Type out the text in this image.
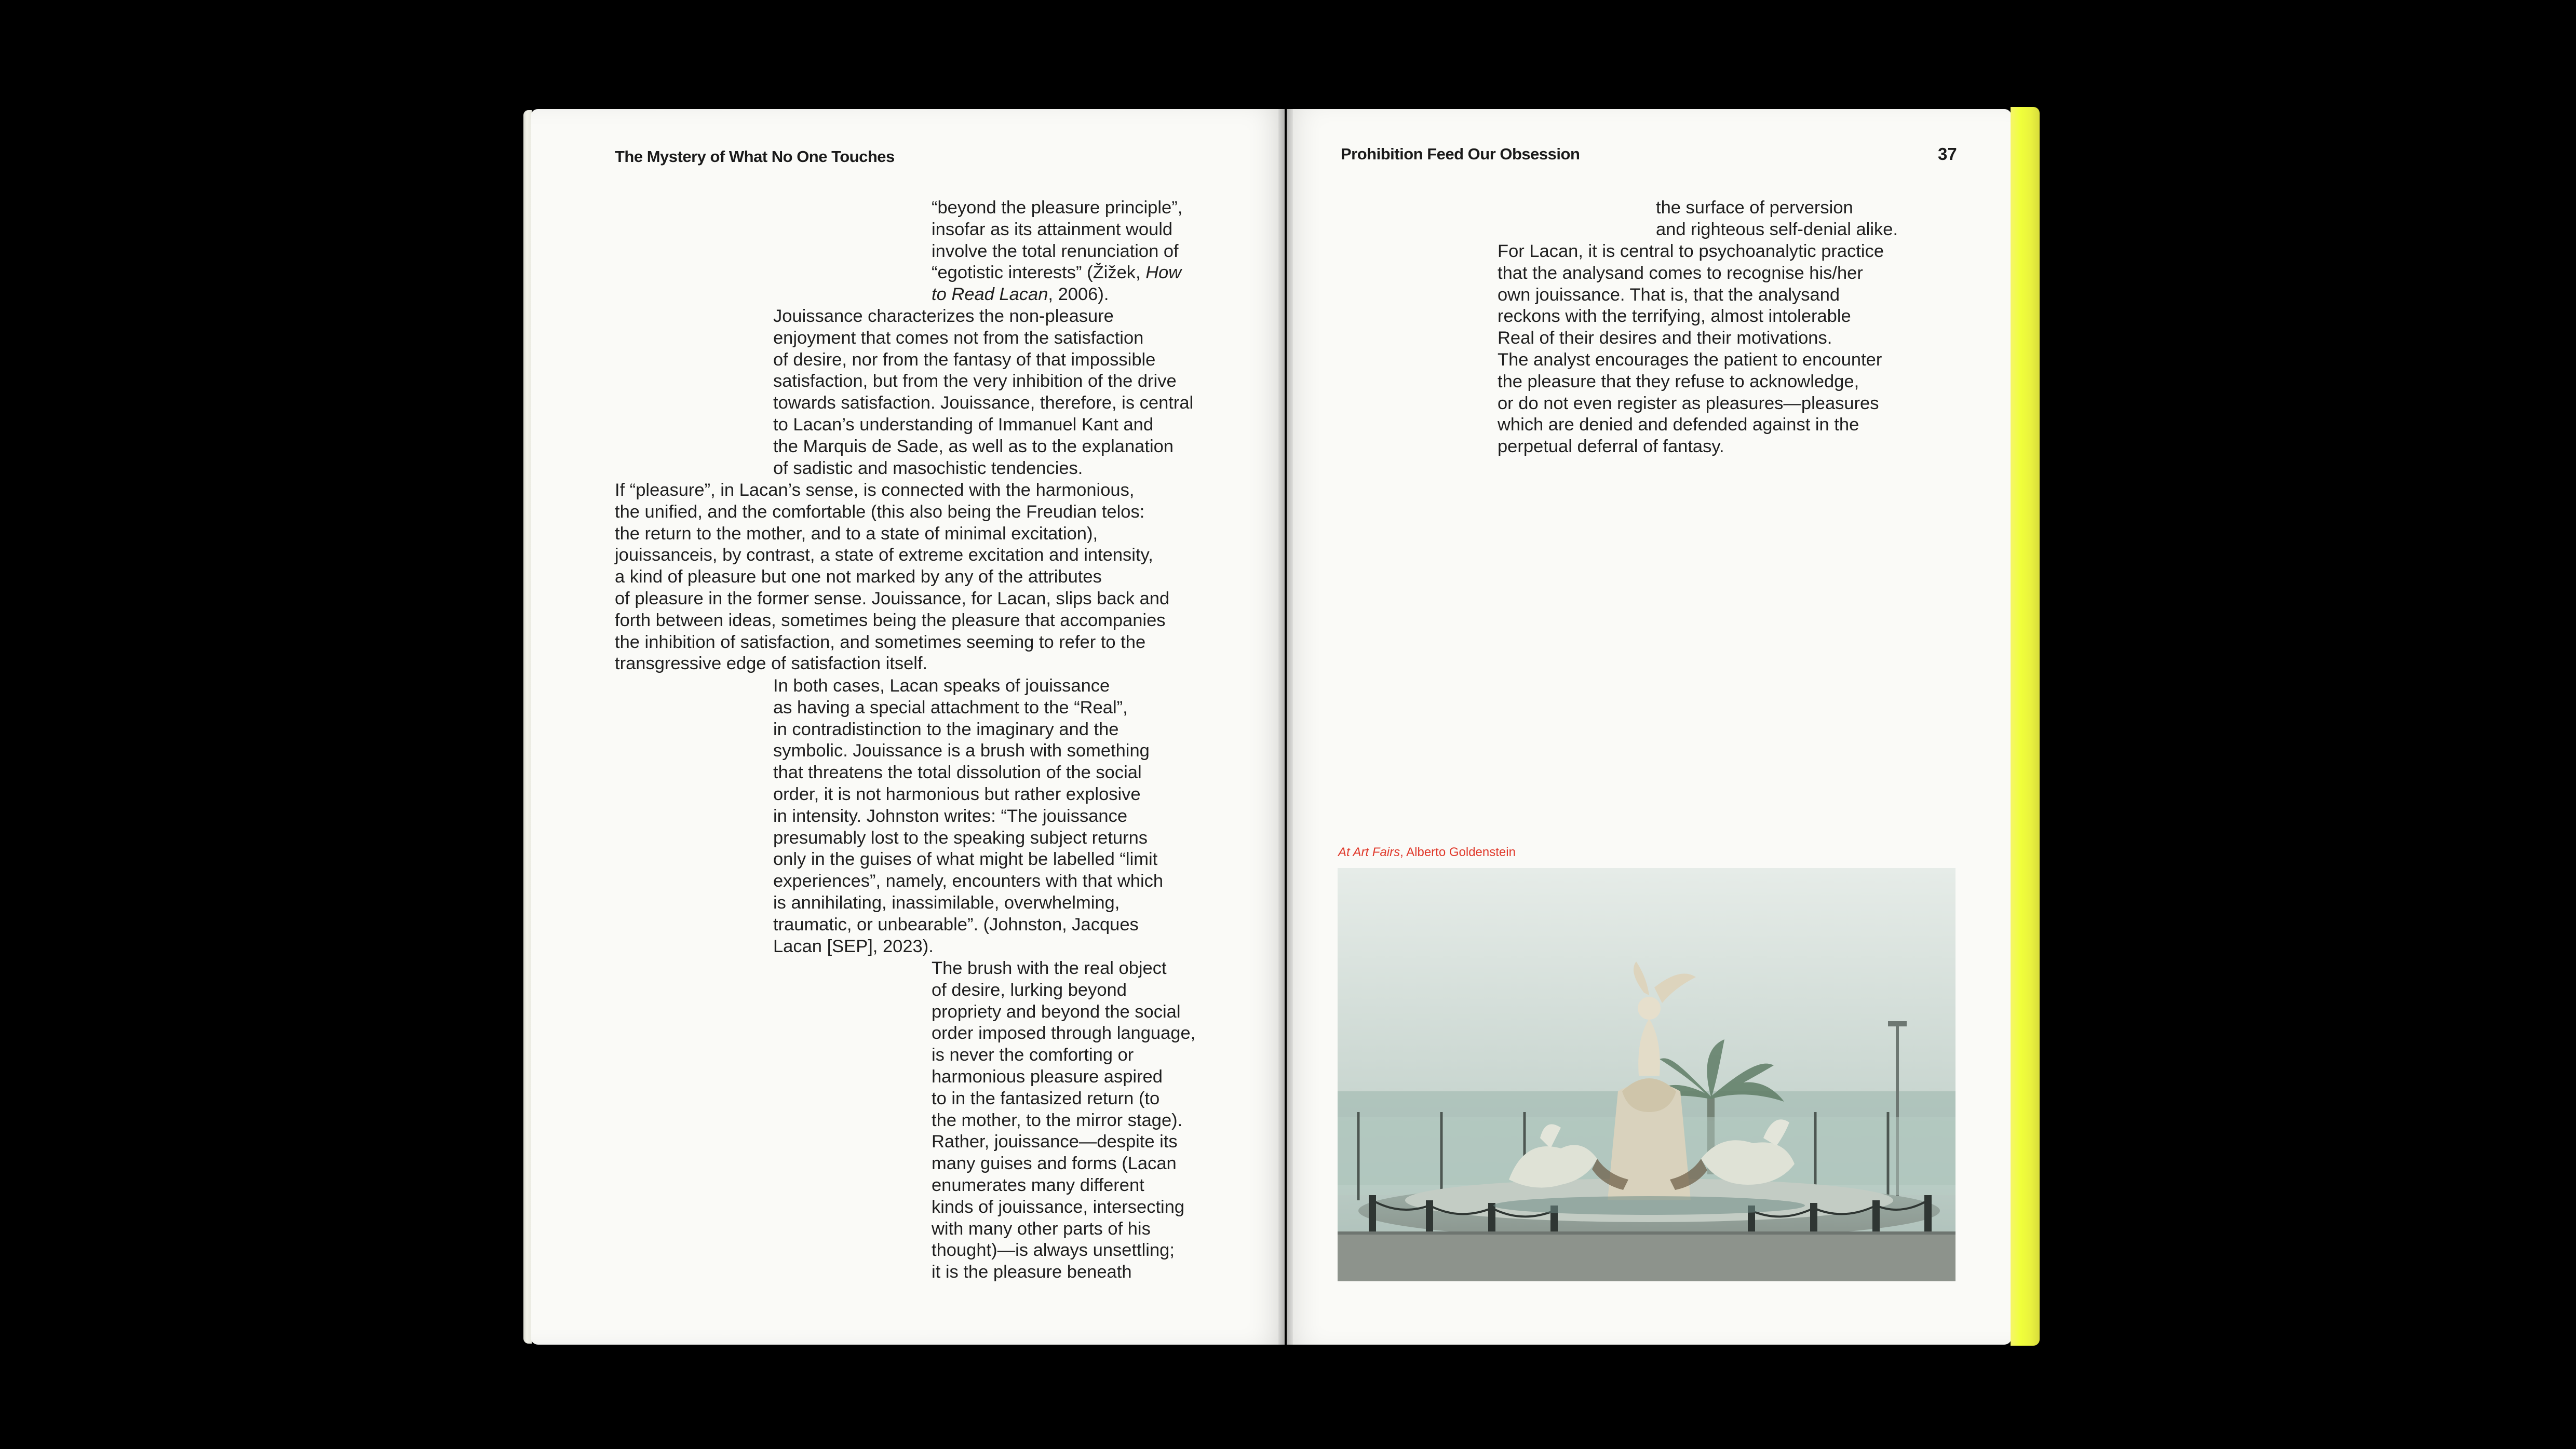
The Mystery of What No One Touches
“beyond the pleasure principle”,
insofar as its attainment would
involve the total renunciation of
“egotistic interests” (Žižek, How
to Read Lacan, 2006).
Jouissance characterizes the non-pleasure
enjoyment that comes not from the satisfaction
of desire, nor from the fantasy of that impossible
satisfaction, but from the very inhibition of the drive
towards satisfaction. Jouissance, therefore, is central
to Lacan’s understanding of Immanuel Kant and
the Marquis de Sade, as well as to the explanation
of sadistic and masochistic tendencies.
If “pleasure”, in Lacan’s sense, is connected with the harmonious,
the unified, and the comfortable (this also being the Freudian telos:
the return to the mother, and to a state of minimal excitation),
jouissanceis, by contrast, a state of extreme excitation and intensity,
a kind of pleasure but one not marked by any of the attributes
of pleasure in the former sense. Jouissance, for Lacan, slips back and
forth between ideas, sometimes being the pleasure that accompanies
the inhibition of satisfaction, and sometimes seeming to refer to the
transgressive edge of satisfaction itself.
In both cases, Lacan speaks of jouissance
as having a special attachment to the “Real”,
in contradistinction to the imaginary and the
symbolic. Jouissance is a brush with something
that threatens the total dissolution of the social
order, it is not harmonious but rather explosive
in intensity. Johnston writes: “The jouissance
presumably lost to the speaking subject returns
only in the guises of what might be labelled “limit
experiences”, namely, encounters with that which
is annihilating, inassimilable, overwhelming,
traumatic, or unbearable”. (Johnston, Jacques
Lacan [SEP], 2023).
The brush with the real object
of desire, lurking beyond
propriety and beyond the social
order imposed through language,
is never the comforting or
harmonious pleasure aspired
to in the fantasized return (to
the mother, to the mirror stage).
Rather, jouissance—despite its
many guises and forms (Lacan
enumerates many different
kinds of jouissance, intersecting
with many other parts of his
thought)—is always unsettling;
it is the pleasure beneath
Prohibition Feed Our Obsession	37
the surface of perversion
and righteous self-denial alike.
For Lacan, it is central to psychoanalytic practice
that the analysand comes to recognise his/her
own jouissance. That is, that the analysand
reckons with the terrifying, almost intolerable
Real of their desires and their motivations.
The analyst encourages the patient to encounter
the pleasure that they refuse to acknowledge,
or do not even register as pleasures—pleasures
which are denied and defended against in the
perpetual deferral of fantasy.
At Art Fairs, Alberto Goldenstein
